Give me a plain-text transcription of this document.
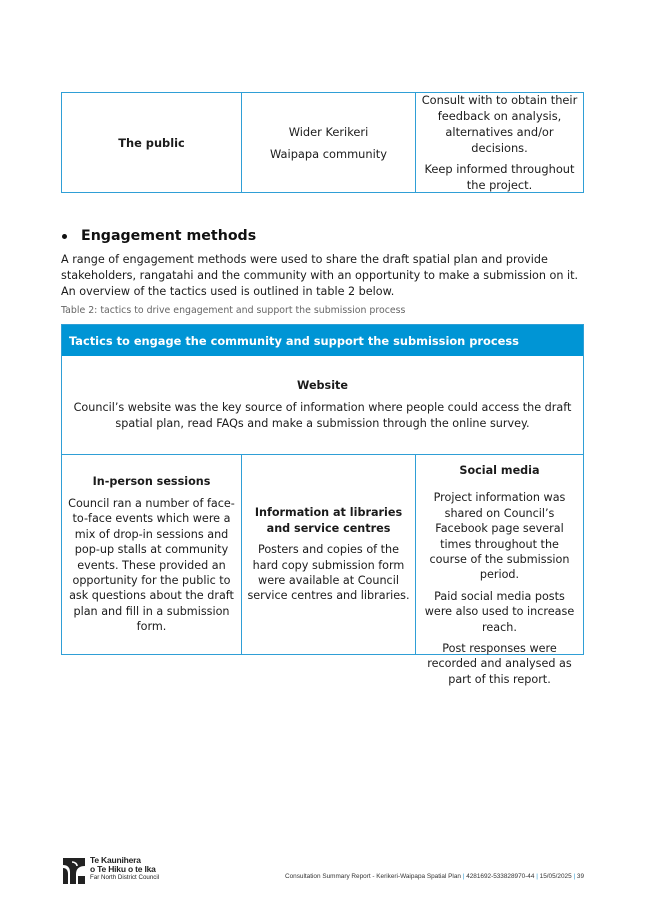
The public

Wider Kerikeri

Waipapa community

Consult with to obtain their feedback on analysis, alternatives and/or decisions.

Keep informed throughout the project.

Engagement methods

A range of engagement methods were used to share the draft spatial plan and provide stakeholders, rangatahi and the community with an opportunity to make a submission on it. An overview of the tactics used is outlined in table 2 below.

Table 2: tactics to drive engagement and support the submission process

Tactics to engage the community and support the submission process

Website

Council’s website was the key source of information where people could access the draft spatial plan, read FAQs and make a submission through the online survey.

In-person sessions

Council ran a number of face-to-face events which were a mix of drop-in sessions and pop-up stalls at community events. These provided an opportunity for the public to ask questions about the draft plan and fill in a submission form.

Information at libraries and service centres

Posters and copies of the hard copy submission form were available at Council service centres and libraries.

Social media

Project information was shared on Council’s Facebook page several times throughout the course of the submission period.

Paid social media posts were also used to increase reach.

Post responses were recorded and analysed as part of this report.

Te Kaunihera
o Te Hiku o te Ika
Far North District Council	Consultation Summary Report - Kerikeri-Waipapa Spatial Plan | 4281692-533828970-44 | 15/05/2025 | 39
